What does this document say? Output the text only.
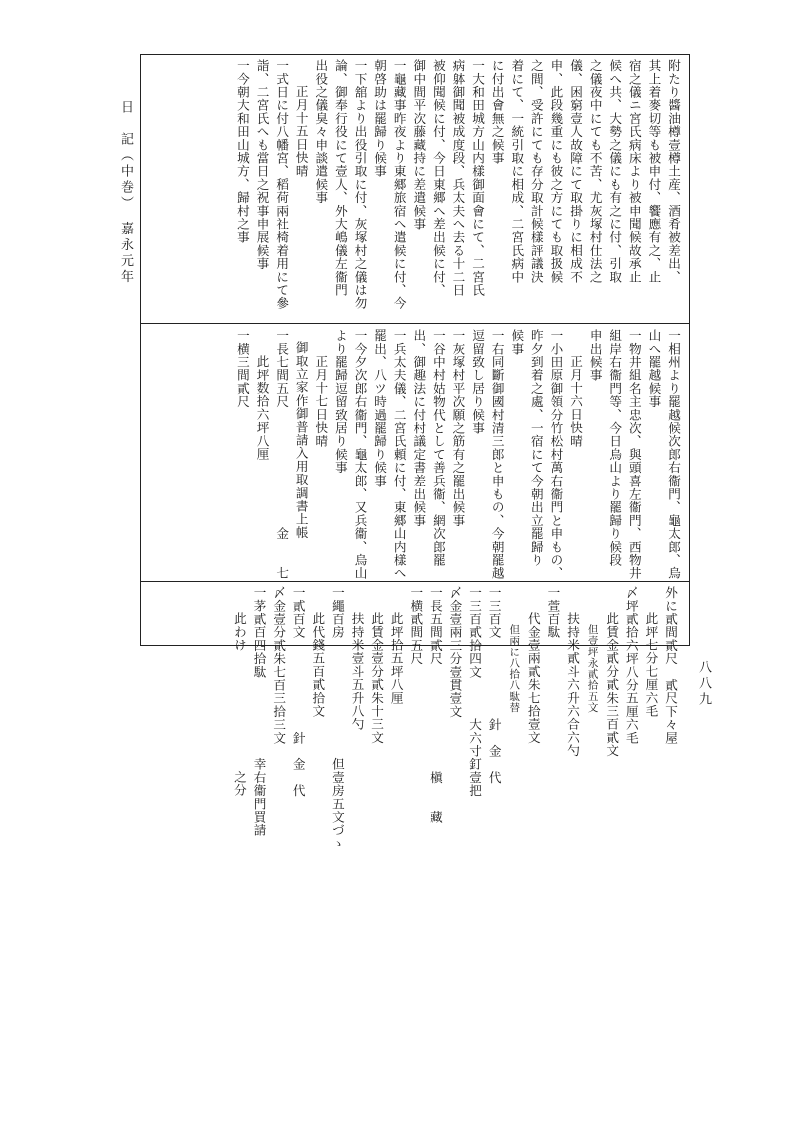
日　記（中巻）　嘉永元年
八八九
附たり醬油樽壹樽土産、酒肴被差出、
其上着麥切等も被申付、饗應有之、止
宿之儀ニ宮氏病床より被申聞候故承止
候へ共、大勢之儀にも有之に付、引取
之儀夜中にても不苦、尤灰塚村仕法之
儀、困窮壹人故障にて取掛りに相成不
申、此段幾重にも彼之方にても取扱候
之間、受許にても存分取計候樣評議決
着にて、一統引取に相成、二宮氏病中
に付出會無之候事
一大和田城方山内樣御面會にて、二宮氏
病躰御聞被成度段、兵太夫へ去る十二日
被仰聞候に付、今日東郷へ差出候に付、
御中間平次藤藏持に差遣候事
一龜藏事昨夜より東郷旅宿へ遣候に付、今
朝啓助は罷歸り候事
一下舘より出役引取に付、灰塚村之儀は勿
論、御奉行役にて壹人、外大嶋儀左衞門
出役之儀臭々申談遣候事
正月十五日快晴
一式日に付八幡宮、稻荷兩社椅着用にて參
詣、二宮氏へも當日之祝事申展候事
一今朝大和田山城方、歸村之事
一相州より罷越候次郎右衞門、龜太郎、烏
山へ罷越候事
一物井組名主忠次、與頭喜左衞門、西物井
組岸右衞門等、今日烏山より罷歸り候段
申出候事
正月十六日快晴
一小田原御領分竹松村萬右衞門と申もの、
昨夕到着之處、一宿にて今朝出立罷歸り
候事
一右同斷御國村清三郎と申もの、今朝罷越
逗留致し居り候事
一灰塚村平次願之筋有之罷出候事
一谷中村姑物代として善兵衞、網次郎罷
出、御趣法に付村議定書差出候事
一兵太夫儀、二宮氏頼に付、東郷山内樣へ
罷出、八ツ時過罷歸り候事
一今夕次郎右衞門、龜太郎、又兵衞、烏山
より罷歸逗留致居り候事
正月十七日快晴
御取立家作御普請入用取調書上帳
一長七間五尺　　　　　　　　　金　　七
此坪数拾六坪八厘
一横三間貳尺
外に貳間貳尺　貳尺下々屋
此坪七分七厘六毛
〆坪貳拾六坪八分五厘六毛
此賃金貳分貳朱三百貳文
但壹坪永貳拾五文
扶持米貳斗六升六合六勺
一萱百駄
代金壹兩貳朱七拾壹文
但兩に八拾八駄替
一三百文　　　　　　針　金　代
一三百貳拾四文　　　大六寸釘壹把
〆金壹兩三分壹貫壹文
一長五間貳尺　　　　　　　　槇　　藏
一横貳間五尺
此坪拾五坪八厘
此賃金壹分貳朱十三文
扶持米壹斗五升八勺
一繩百房　　　　　　　　　但壹房五文づゝ
此代錢五百貳拾文
一貳百文　　　　　　　針　金　代
〆金壹分貳朱七百三拾三文
一茅貳百四拾駄　　　　　　幸右衞門買請
此わけ　　　　　　　　　之分
